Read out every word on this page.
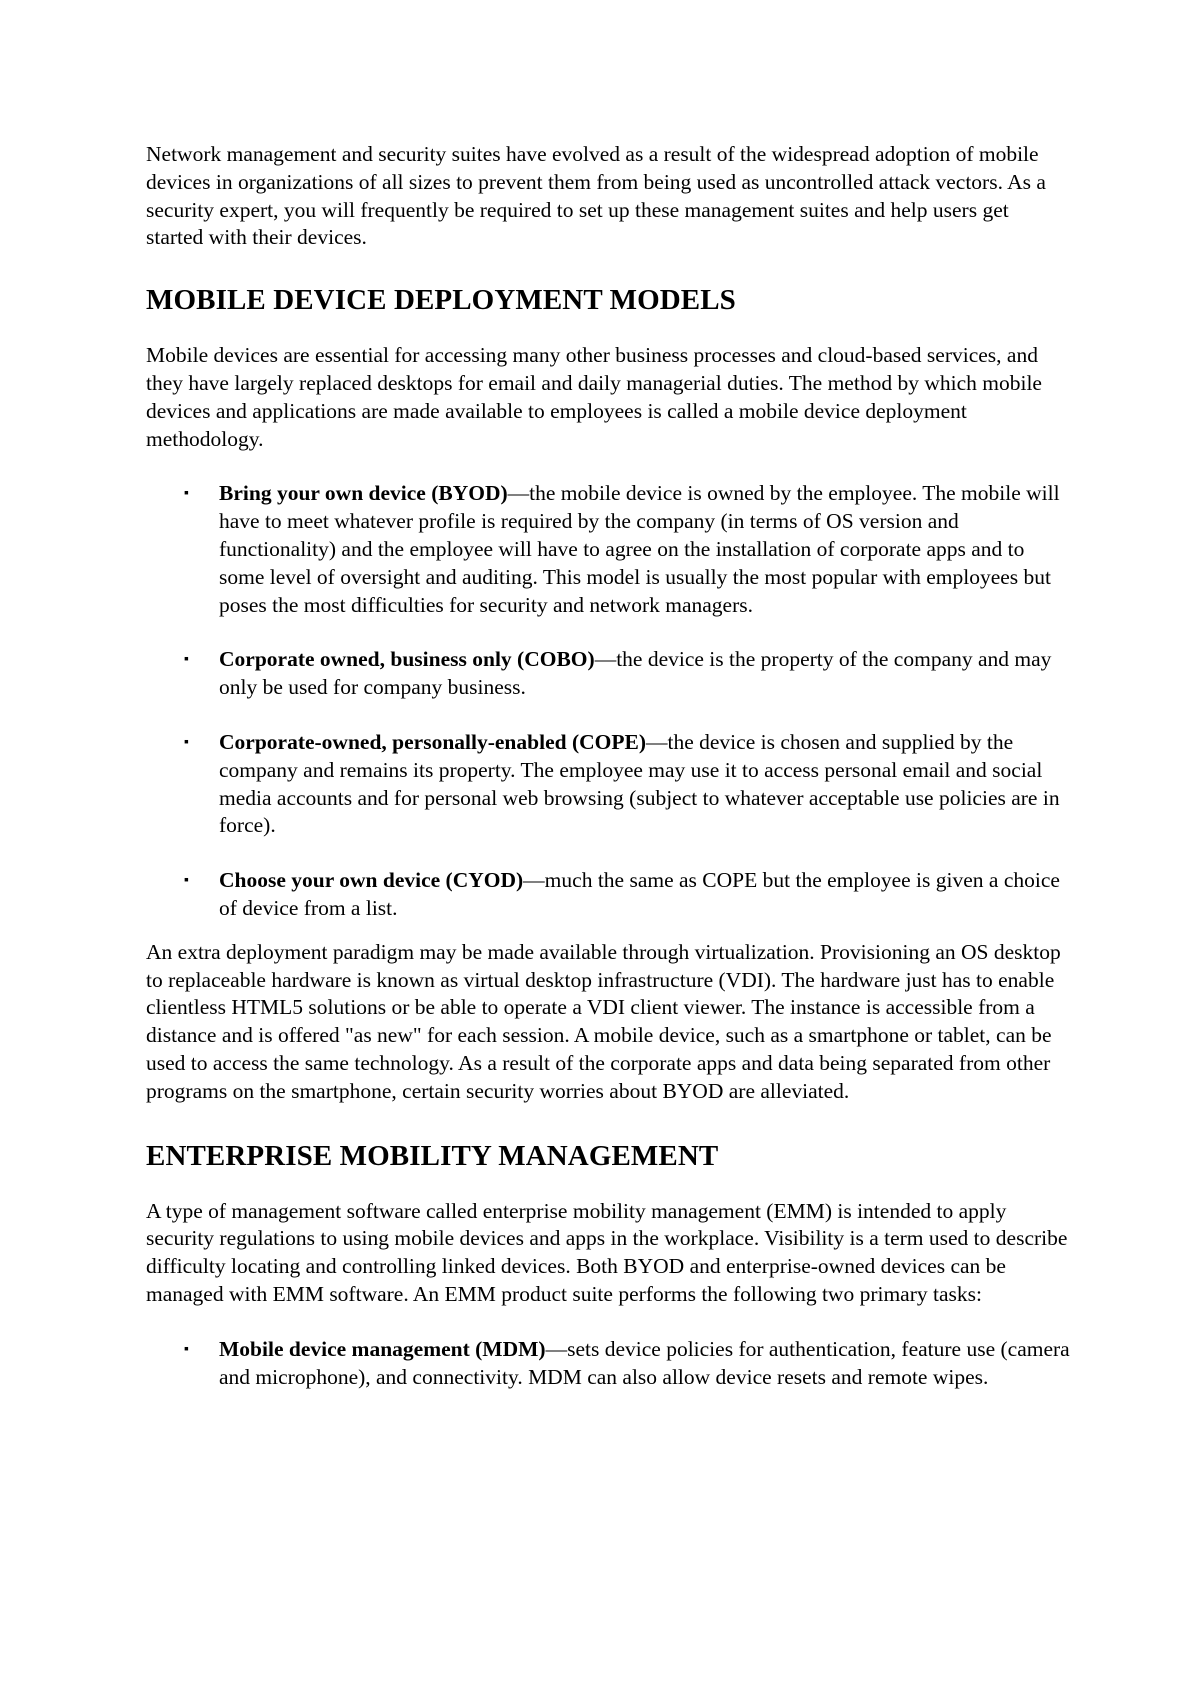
Network management and security suites have evolved as a result of the widespread adoption of mobile devices in organizations of all sizes to prevent them from being used as uncontrolled attack vectors. As a security expert, you will frequently be required to set up these management suites and help users get started with their devices.

MOBILE DEVICE DEPLOYMENT MODELS

Mobile devices are essential for accessing many other business processes and cloud-based services, and they have largely replaced desktops for email and daily managerial duties. The method by which mobile devices and applications are made available to employees is called a mobile device deployment methodology.

▪ Bring your own device (BYOD)—the mobile device is owned by the employee. The mobile will have to meet whatever profile is required by the company (in terms of OS version and functionality) and the employee will have to agree on the installation of corporate apps and to some level of oversight and auditing. This model is usually the most popular with employees but poses the most difficulties for security and network managers.
▪ Corporate owned, business only (COBO)—the device is the property of the company and may only be used for company business.
▪ Corporate-owned, personally-enabled (COPE)—the device is chosen and supplied by the company and remains its property. The employee may use it to access personal email and social media accounts and for personal web browsing (subject to whatever acceptable use policies are in force).
▪ Choose your own device (CYOD)—much the same as COPE but the employee is given a choice of device from a list.

An extra deployment paradigm may be made available through virtualization. Provisioning an OS desktop to replaceable hardware is known as virtual desktop infrastructure (VDI). The hardware just has to enable clientless HTML5 solutions or be able to operate a VDI client viewer. The instance is accessible from a distance and is offered "as new" for each session. A mobile device, such as a smartphone or tablet, can be used to access the same technology. As a result of the corporate apps and data being separated from other programs on the smartphone, certain security worries about BYOD are alleviated.

ENTERPRISE MOBILITY MANAGEMENT

A type of management software called enterprise mobility management (EMM) is intended to apply security regulations to using mobile devices and apps in the workplace. Visibility is a term used to describe difficulty locating and controlling linked devices. Both BYOD and enterprise-owned devices can be managed with EMM software. An EMM product suite performs the following two primary tasks:

▪ Mobile device management (MDM)—sets device policies for authentication, feature use (camera and microphone), and connectivity. MDM can also allow device resets and remote wipes.
